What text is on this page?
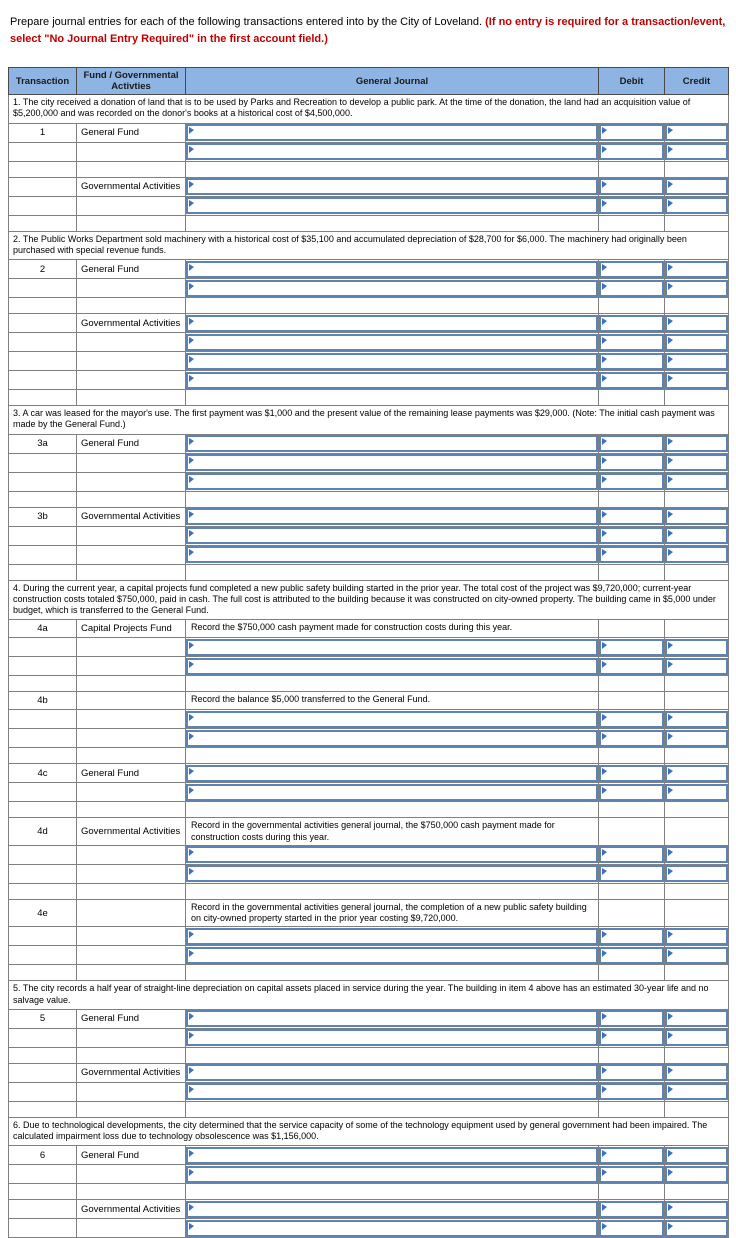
Prepare journal entries for each of the following transactions entered into by the City of Loveland. (If no entry is required for a transaction/event, select "No Journal Entry Required" in the first account field.)

Transaction	Fund / Governmental Activties	General Journal	Debit	Credit
1. The city received a donation of land that is to be used by Parks and Recreation to develop a public park. At the time of the donation, the land had an acquisition value of $5,200,000 and was recorded on the donor's books at a historical cost of $4,500,000.				
1	General Fund	

	Governmental Activities	

2. The Public Works Department sold machinery with a historical cost of $35,100 and accumulated depreciation of $28,700 for $6,000. The machinery had originally been purchased with special revenue funds.				
2	General Fund	

	Governmental Activities	

3. A car was leased for the mayor's use. The first payment was $1,000 and the present value of the remaining lease payments was $29,000. (Note: The initial cash payment was made by the General Fund.)				
3a	General Fund	

3b	Governmental Activities	

4. During the current year, a capital projects fund completed a new public safety building started in the prior year. The total cost of the project was $9,720,000; current-year construction costs totaled $750,000, paid in cash. The full cost is attributed to the building because it was constructed on city-owned property. The building came in $5,000 under budget, which is transferred to the General Fund.				
4a	Capital Projects Fund	Record the $750,000 cash payment made for construction costs during this year.		

4b		Record the balance $5,000 transferred to the General Fund.		

4c	General Fund	

4d	Governmental Activities	Record in the governmental activities general journal, the $750,000 cash payment made for construction costs during this year.		

4e		Record in the governmental activities general journal, the completion of a new public safety building on city-owned property started in the prior year costing $9,720,000.		

5. The city records a half year of straight-line depreciation on capital assets placed in service during the year. The building in item 4 above has an estimated 30-year life and no salvage value.				
5	General Fund	

	Governmental Activities	

6. Due to technological developments, the city determined that the service capacity of some of the technology equipment used by general government had been impaired. The calculated impairment loss due to technology obsolescence was $1,156,000.				
6	General Fund	

	Governmental Activities	
